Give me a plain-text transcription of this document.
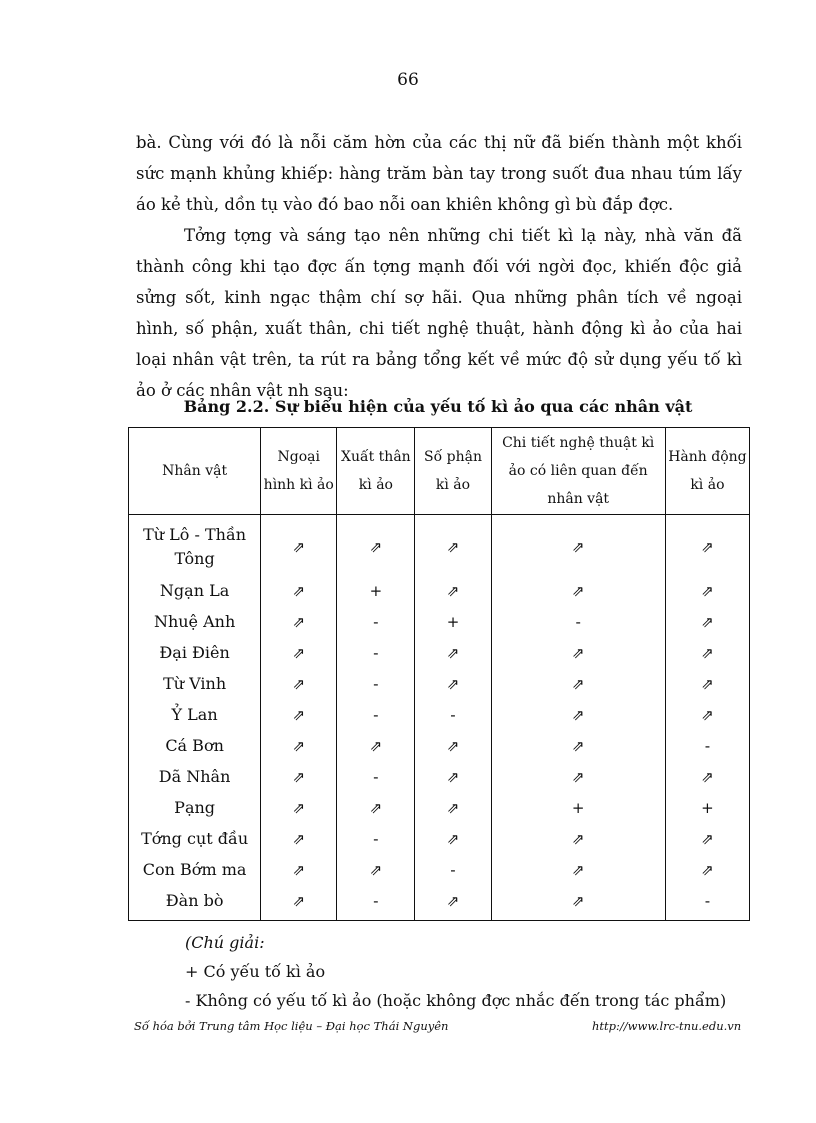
66

bà. Cùng với đó là nỗi căm hờn của các thị nữ đã biến thành một khối sức mạnh khủng khiếp: hàng trăm bàn tay trong suốt đua nhau túm lấy áo kẻ thù, dồn tụ vào đó bao nỗi oan khiên không gì bù đắp đợc.

Tởng tợng và sáng tạo nên những chi tiết kì lạ này, nhà văn đã thành công khi tạo đợc ấn tợng mạnh đối với ngời đọc, khiến độc giả sửng sốt, kinh ngạc thậm chí sợ hãi. Qua những phân tích về ngoại hình, số phận, xuất thân, chi tiết nghệ thuật, hành động kì ảo của hai loại nhân vật trên, ta rút ra bảng tổng kết về mức độ sử dụng yếu tố kì ảo ở các nhân vật nh sau:

Bảng 2.2. Sự biểu hiện của yếu tố kì ảo qua các nhân vật
Nhân vật	Ngoại hình kì ảo	Xuất thân kì ảo	Số phận kì ảo	Chi tiết nghệ thuật kì ảo có liên quan đến nhân vật	Hành động kì ảo
Từ Lô - Thần Tông	⇗	⇗	⇗	⇗	⇗
Ngạn La	⇗	+	⇗	⇗	⇗
Nhuệ Anh	⇗	-	+	-	⇗
Đại Điên	⇗	-	⇗	⇗	⇗
Từ Vinh	⇗	-	⇗	⇗	⇗
Ỷ Lan	⇗	-	-	⇗	⇗
Cá Bơn	⇗	⇗	⇗	⇗	-
Dã Nhân	⇗	-	⇗	⇗	⇗
Pạng	⇗	⇗	⇗	+	+
Tớng cụt đầu	⇗	-	⇗	⇗	⇗
Con Bớm ma	⇗	⇗	-	⇗	⇗
Đàn bò	⇗	-	⇗	⇗	-
(Chú giải:
+ Có yếu tố kì ảo
- Không có yếu tố kì ảo (hoặc không đợc nhắc đến trong tác phẩm)
Số hóa bởi Trung tâm Học liệu – Đại học Thái Nguyên	http://www.lrc-tnu.edu.vn
